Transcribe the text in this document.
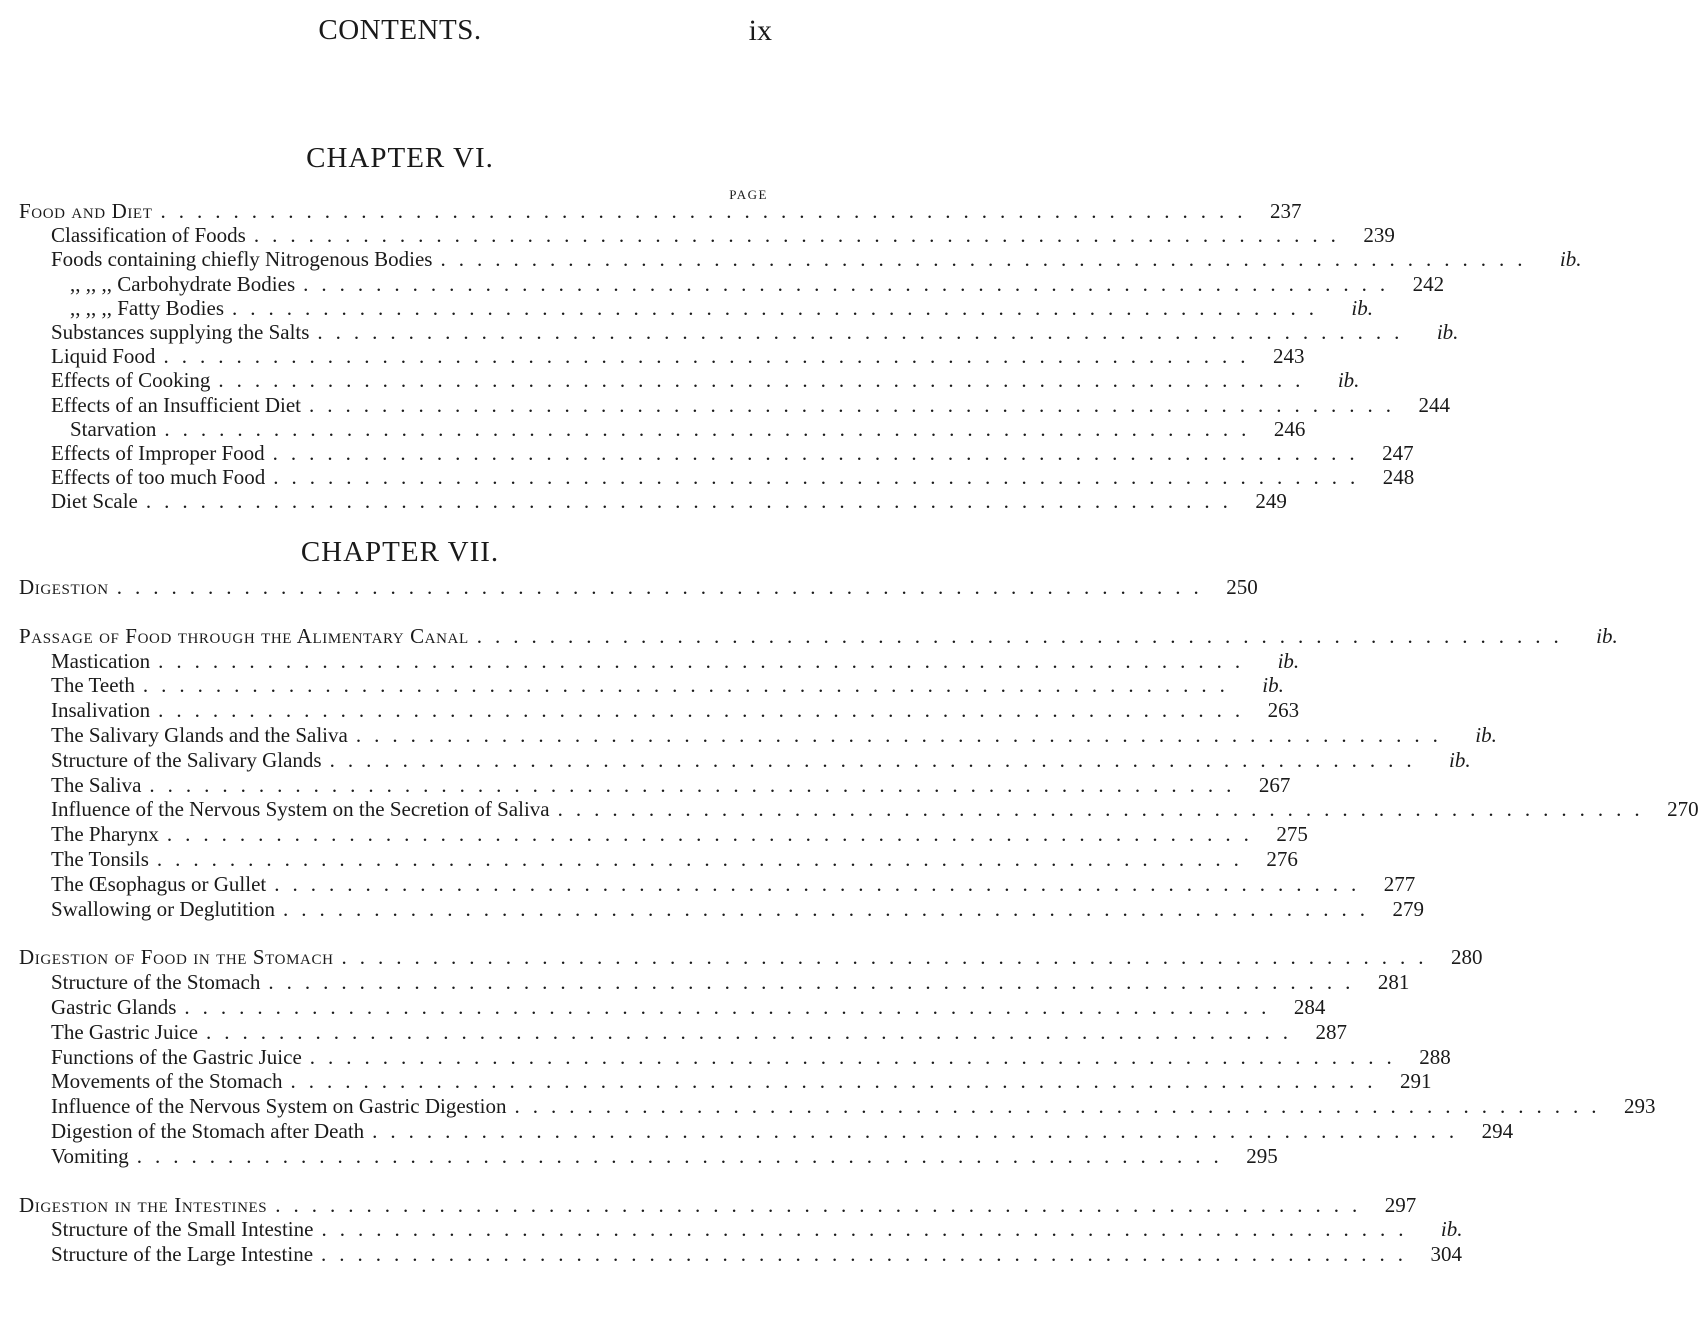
CONTENTS.	ix
CHAPTER VI.
PAGE
Food and Diet ............................................................ 237
Classification of Foods ............................................................ 239
Foods containing chiefly Nitrogenous Bodies ............................................................	ib.
,, ,, ,, Carbohydrate Bodies ............................................................ 242
,, ,, ,, Fatty Bodies ............................................................	ib.
Substances supplying the Salts ............................................................	ib.
Liquid Food ............................................................ 243
Effects of Cooking ............................................................	ib.
Effects of an Insufficient Diet ............................................................ 244
Starvation ............................................................ 246
Effects of Improper Food ............................................................ 247
Effects of too much Food ............................................................ 248
Diet Scale ............................................................ 249
CHAPTER VII.
Digestion ............................................................ 250
Passage of Food through the Alimentary Canal ............................................................	ib.
Mastication ............................................................	ib.
The Teeth ............................................................	ib.
Insalivation ............................................................ 263
The Salivary Glands and the Saliva ............................................................	ib.
Structure of the Salivary Glands ............................................................	ib.
The Saliva ............................................................ 267
Influence of the Nervous System on the Secretion of Saliva ............................................................ 270
The Pharynx ............................................................ 275
The Tonsils ............................................................ 276
The Œsophagus or Gullet ............................................................ 277
Swallowing or Deglutition ............................................................ 279
Digestion of Food in the Stomach ............................................................ 280
Structure of the Stomach ............................................................ 281
Gastric Glands ............................................................ 284
The Gastric Juice ............................................................ 287
Functions of the Gastric Juice ............................................................ 288
Movements of the Stomach ............................................................ 291
Influence of the Nervous System on Gastric Digestion ............................................................ 293
Digestion of the Stomach after Death ............................................................ 294
Vomiting ............................................................ 295
Digestion in the Intestines ............................................................ 297
Structure of the Small Intestine ............................................................	ib.
Structure of the Large Intestine ............................................................ 304
